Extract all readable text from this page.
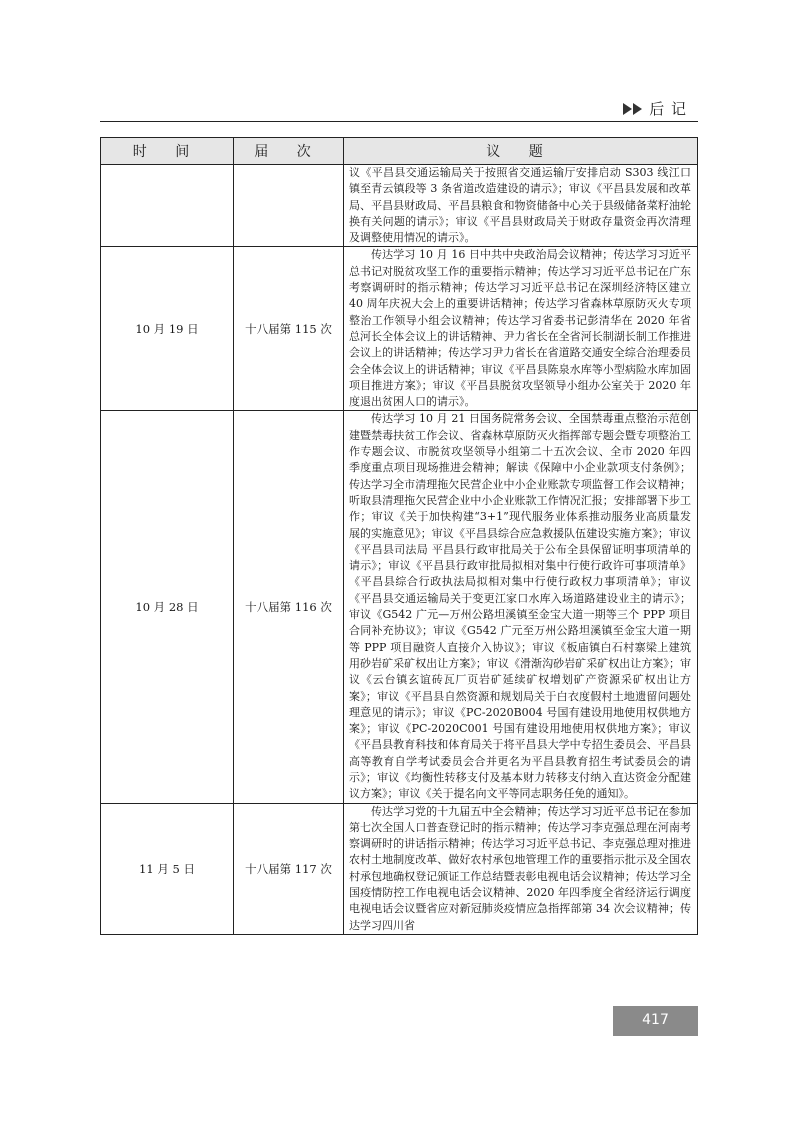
后 记
时 间	届 次	议 题

		议《平昌县交通运输局关于按照省交通运输厅安排启动 S303 线江口镇至青云镇段等 3 条省道改造建设的请示》；审议《平昌县发展和改革局、平昌县财政局、平昌县粮食和物资储备中心关于县级储备菜籽油轮换有关问题的请示》；审议《平昌县财政局关于财政存量资金再次清理及调整使用情况的请示》。

10 月 19 日	十八届第 115 次	传达学习 10 月 16 日中共中央政治局会议精神；传达学习习近平总书记对脱贫攻坚工作的重要指示精神；传达学习习近平总书记在广东考察调研时的指示精神；传达学习习近平总书记在深圳经济特区建立 40 周年庆祝大会上的重要讲话精神；传达学习省森林草原防灭火专项整治工作领导小组会议精神；传达学习省委书记彭清华在 2020 年省总河长全体会议上的讲话精神、尹力省长在全省河长制湖长制工作推进会议上的讲话精神；传达学习尹力省长在省道路交通安全综合治理委员会全体会议上的讲话精神；审议《平昌县陈泉水库等小型病险水库加固项目推进方案》；审议《平昌县脱贫攻坚领导小组办公室关于 2020 年度退出贫困人口的请示》。

10 月 28 日	十八届第 116 次	传达学习 10 月 21 日国务院常务会议、全国禁毒重点整治示范创建暨禁毒扶贫工作会议、省森林草原防灭火指挥部专题会暨专项整治工作专题会议、市脱贫攻坚领导小组第二十五次会议、全市 2020 年四季度重点项目现场推进会精神；解读《保障中小企业款项支付条例》；传达学习全市清理拖欠民营企业中小企业账款专项监督工作会议精神；听取县清理拖欠民营企业中小企业账款工作情况汇报；安排部署下步工作；审议《关于加快构建“3+1”现代服务业体系推动服务业高质量发展的实施意见》；审议《平昌县综合应急救援队伍建设实施方案》；审议《平昌县司法局 平昌县行政审批局关于公布全县保留证明事项清单的请示》；审议《平昌县行政审批局拟相对集中行使行政许可事项清单》《平昌县综合行政执法局拟相对集中行使行政权力事项清单》；审议《平昌县交通运输局关于变更江家口水库入场道路建设业主的请示》；审议《G542 广元—万州公路坦溪镇至金宝大道一期等三个 PPP 项目合同补充协议》；审议《G542 广元至万州公路坦溪镇至金宝大道一期等 PPP 项目融资人直接介入协议》；审议《板庙镇白石村寨梁上建筑用砂岩矿采矿权出让方案》；审议《滑渐沟砂岩矿采矿权出让方案》；审议《云台镇玄谊砖瓦厂页岩矿延续矿权增划矿产资源采矿权出让方案》；审议《平昌县自然资源和规划局关于白衣度假村土地遗留问题处理意见的请示》；审议《PC-2020B004 号国有建设用地使用权供地方案》；审议《PC-2020C001 号国有建设用地使用权供地方案》；审议《平昌县教育科技和体育局关于将平昌县大学中专招生委员会、平昌县高等教育自学考试委员会合并更名为平昌县教育招生考试委员会的请示》；审议《均衡性转移支付及基本财力转移支付纳入直达资金分配建议方案》；审议《关于提名向文平等同志职务任免的通知》。

11 月 5 日	十八届第 117 次	传达学习党的十九届五中全会精神；传达学习习近平总书记在参加第七次全国人口普查登记时的指示精神；传达学习李克强总理在河南考察调研时的讲话指示精神；传达学习习近平总书记、李克强总理对推进农村土地制度改革、做好农村承包地管理工作的重要指示批示及全国农村承包地确权登记颁证工作总结暨表彰电视电话会议精神；传达学习全国疫情防控工作电视电话会议精神、2020 年四季度全省经济运行调度电视电话会议暨省应对新冠肺炎疫情应急指挥部第 34 次会议精神；传达学习四川省
417
